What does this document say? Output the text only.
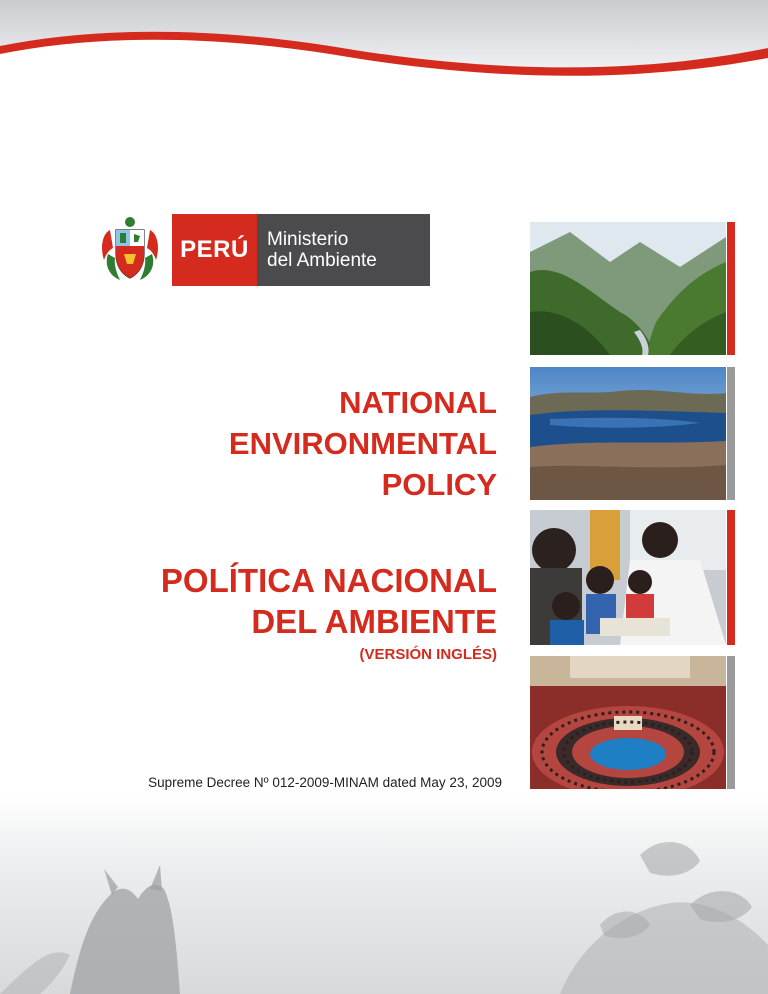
PERÚ Ministerio
del Ambiente
NATIONAL
ENVIRONMENTAL
POLICY
POLÍTICA NACIONAL
DEL AMBIENTE
(VERSIÓN INGLÉS)
Supreme Decree Nº 012-2009-MINAM dated May 23, 2009
